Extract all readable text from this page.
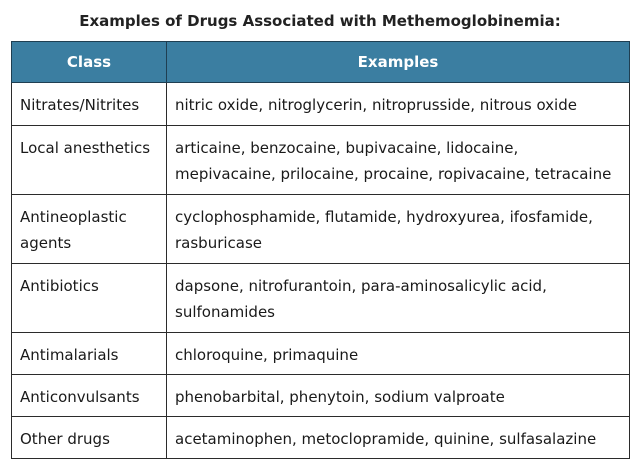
Examples of Drugs Associated with Methemoglobinemia:
Class	Examples
Nitrates/Nitrites	nitric oxide, nitroglycerin, nitroprusside, nitrous oxide
Local anesthetics	articaine, benzocaine, bupivacaine, lidocaine, mepivacaine, prilocaine, procaine, ropivacaine, tetracaine
Antineoplastic agents	cyclophosphamide, flutamide, hydroxyurea, ifosfamide, rasburicase
Antibiotics	dapsone, nitrofurantoin, para-aminosalicylic acid, sulfonamides
Antimalarials	chloroquine, primaquine
Anticonvulsants	phenobarbital, phenytoin, sodium valproate
Other drugs	acetaminophen, metoclopramide, quinine, sulfasalazine
